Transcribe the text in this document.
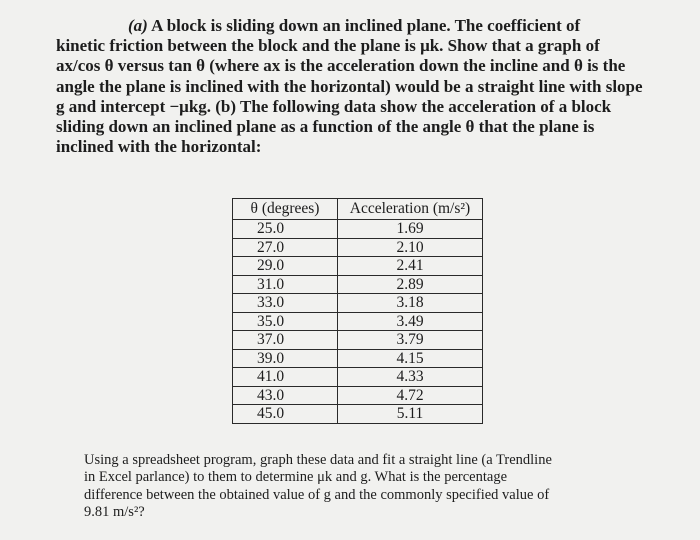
(a) A block is sliding down an inclined plane. The coefficient of

kinetic friction between the block and the plane is μk. Show that a graph of

ax/cos θ versus tan θ (where ax is the acceleration down the incline and θ is the

angle the plane is inclined with the horizontal) would be a straight line with slope

g and intercept −μkg. (b) The following data show the acceleration of a block

sliding down an inclined plane as a function of the angle θ that the plane is

inclined with the horizontal:

θ (degrees)	Acceleration (m/s²)
25.0	1.69
27.0	2.10
29.0	2.41
31.0	2.89
33.0	3.18
35.0	3.49
37.0	3.79
39.0	4.15
41.0	4.33
43.0	4.72
45.0	5.11

Using a spreadsheet program, graph these data and fit a straight line (a Trendline

in Excel parlance) to them to determine μk and g. What is the percentage

difference between the obtained value of g and the commonly specified value of

9.81 m/s²?
